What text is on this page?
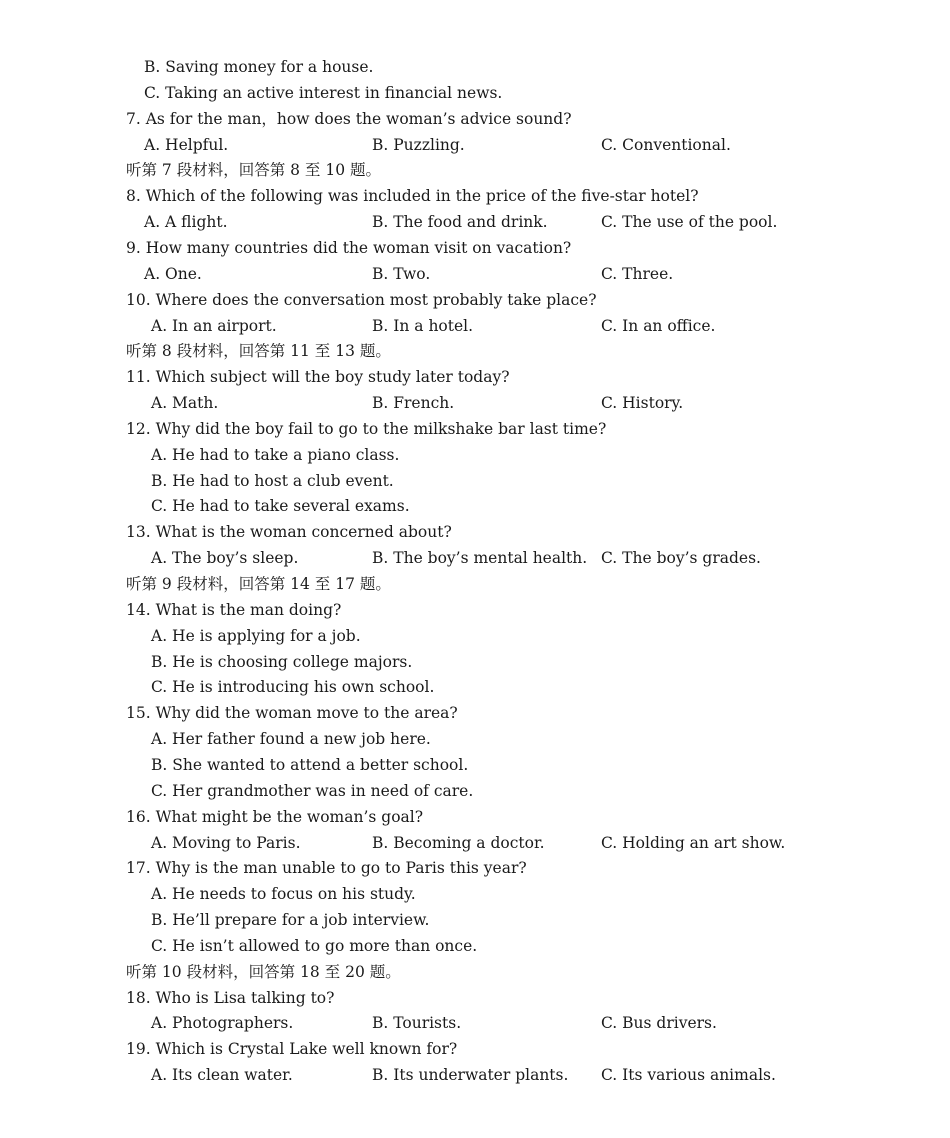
B. Saving money for a house.
C. Taking an active interest in financial news.
7. As for the man，how does the woman’s advice sound?
A. Helpful.	B. Puzzling.	C. Conventional.
听第 7 段材料，回答第 8 至 10 题。
8. Which of the following was included in the price of the five-star hotel?
A. A flight.	B. The food and drink.	C. The use of the pool.
9. How many countries did the woman visit on vacation?
A. One.	B. Two.	C. Three.
10. Where does the conversation most probably take place?
A. In an airport.	B. In a hotel.	C. In an office.
听第 8 段材料，回答第 11 至 13 题。
11. Which subject will the boy study later today?
A. Math.	B. French.	C. History.
12. Why did the boy fail to go to the milkshake bar last time?
A. He had to take a piano class.
B. He had to host a club event.
C. He had to take several exams.
13. What is the woman concerned about?
A. The boy’s sleep.	B. The boy’s mental health. C. The boy’s grades.
听第 9 段材料，回答第 14 至 17 题。
14. What is the man doing?
A. He is applying for a job.
B. He is choosing college majors.
C. He is introducing his own school.
15. Why did the woman move to the area?
A. Her father found a new job here.
B. She wanted to attend a better school.
C. Her grandmother was in need of care.
16. What might be the woman’s goal?
A. Moving to Paris.	B. Becoming a doctor.	C. Holding an art show.
17. Why is the man unable to go to Paris this year?
A. He needs to focus on his study.
B. He’ll prepare for a job interview.
C. He isn’t allowed to go more than once.
听第 10 段材料，回答第 18 至 20 题。
18. Who is Lisa talking to?
A. Photographers.	B. Tourists.	C. Bus drivers.
19. Which is Crystal Lake well known for?
A. Its clean water.	B. Its underwater plants. C. Its various animals.
